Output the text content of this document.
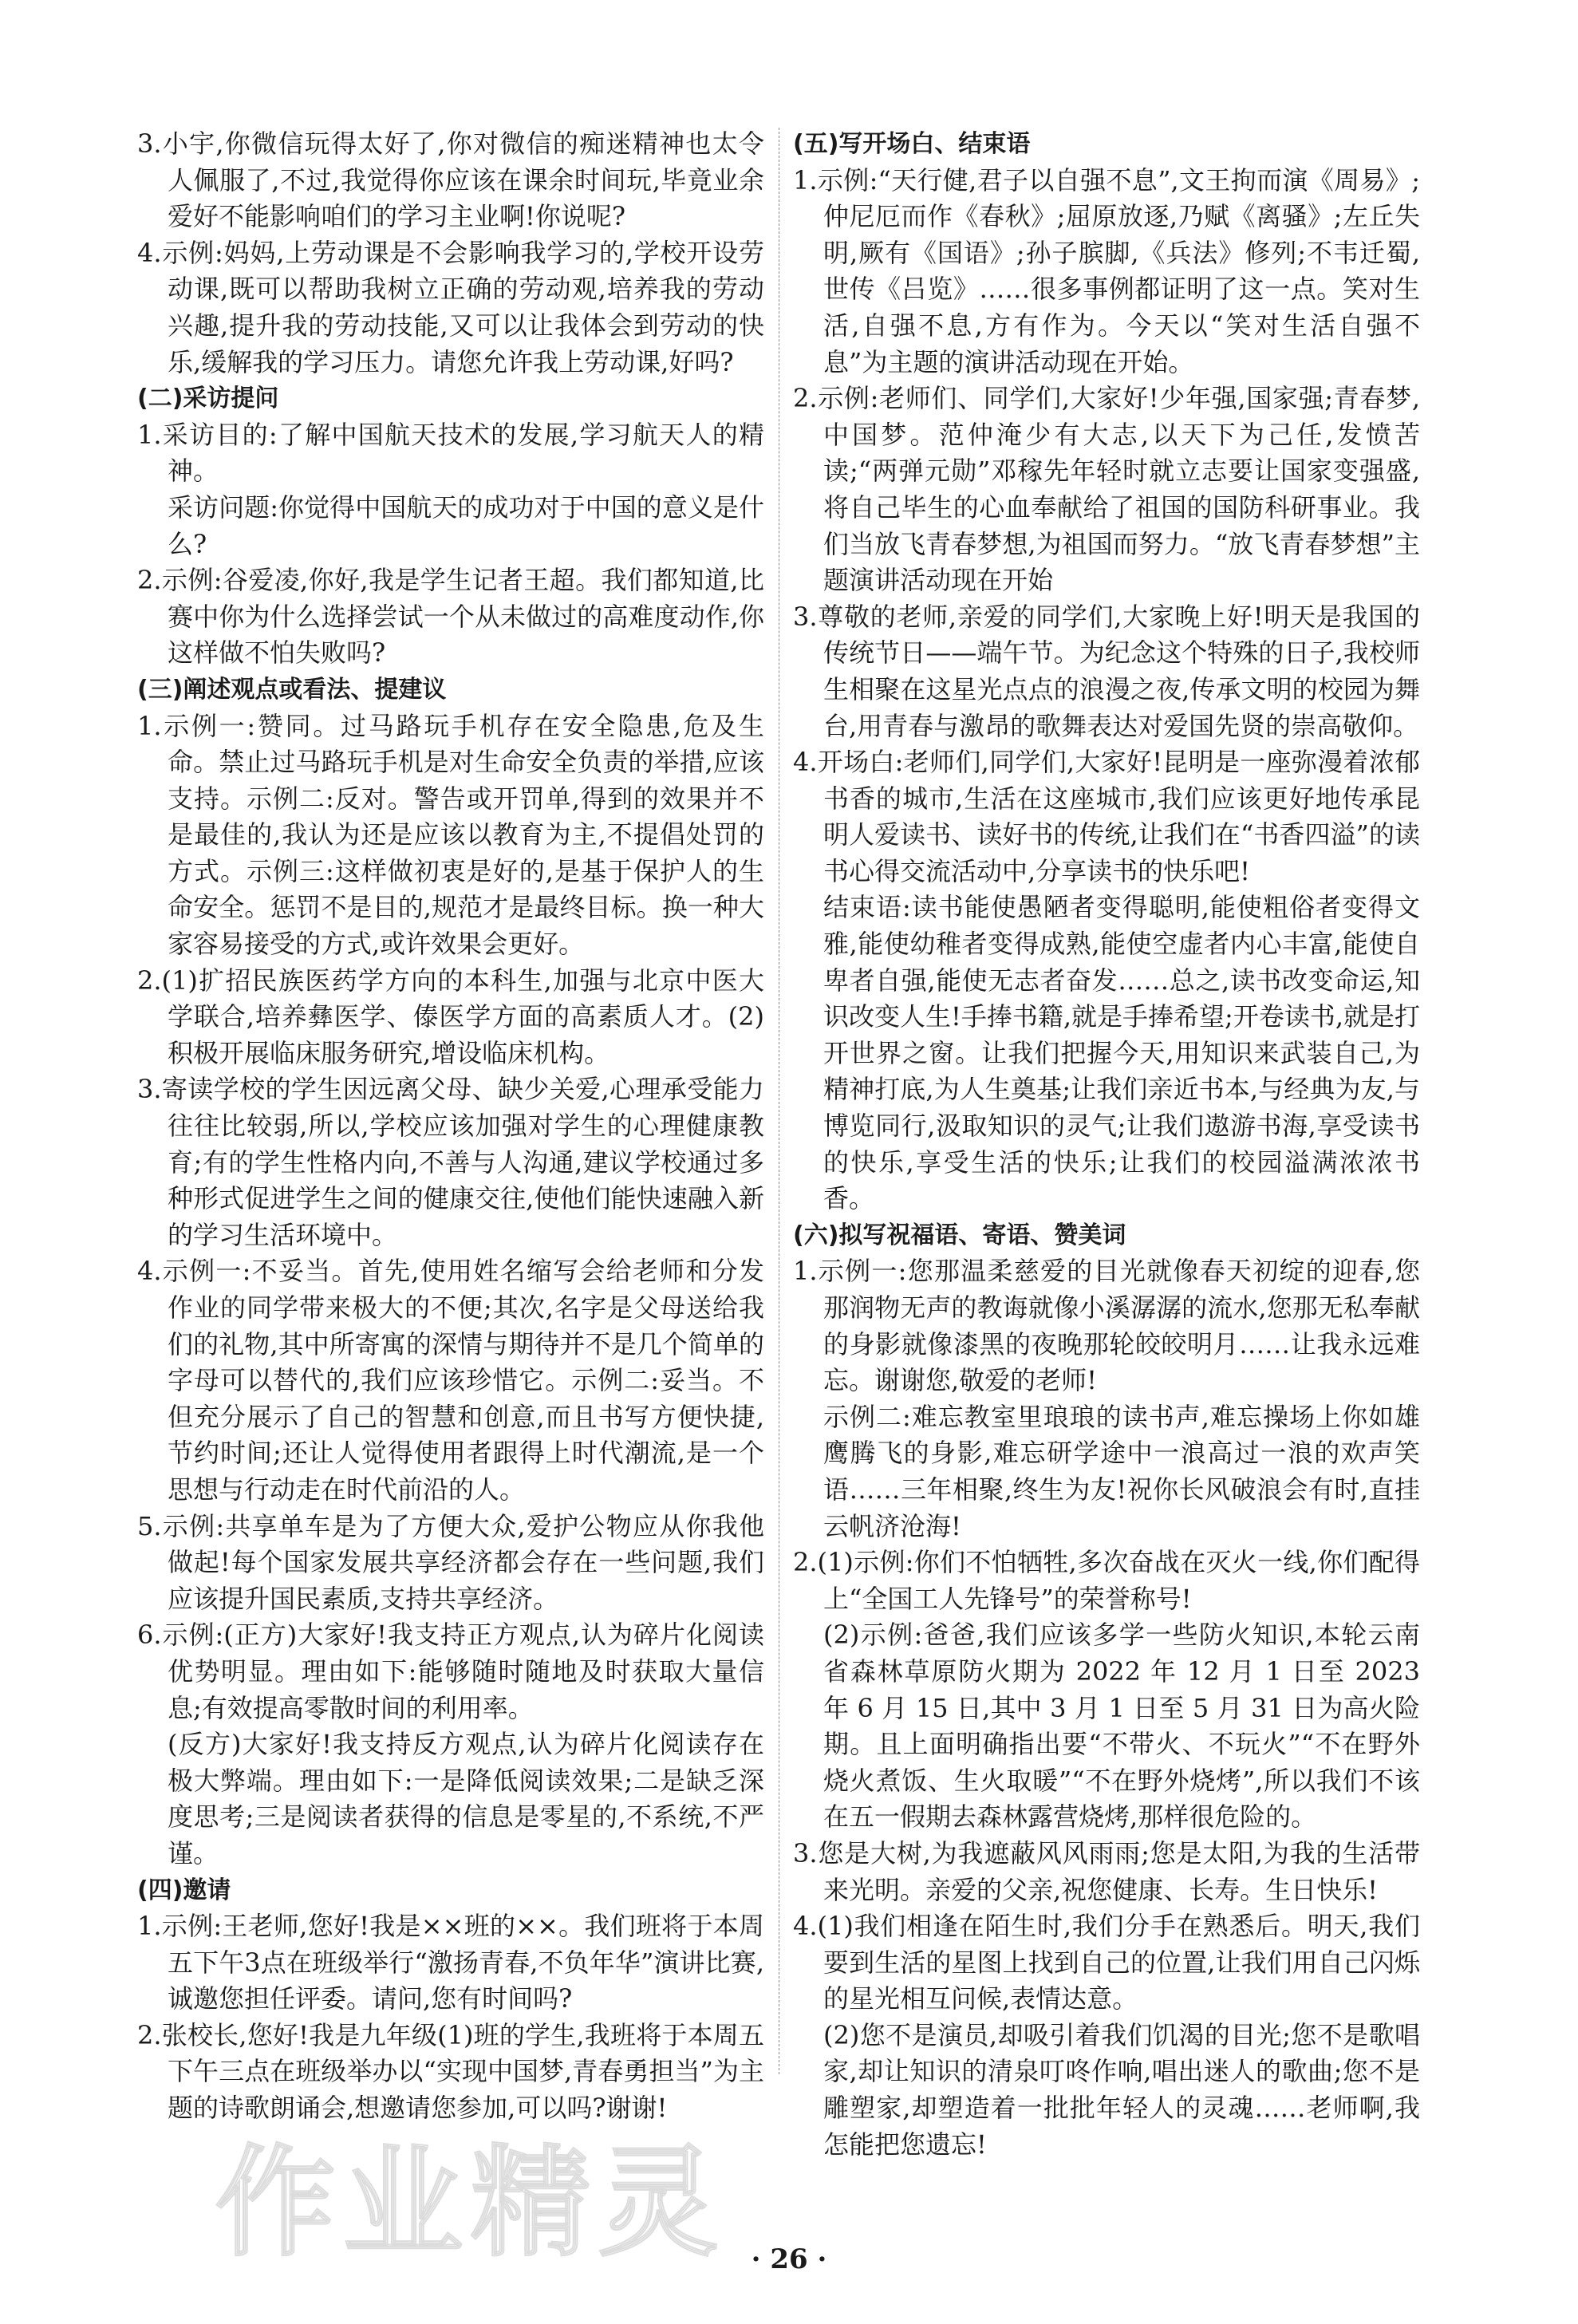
3.小宇,你微信玩得太好了,你对微信的痴迷精神也太令人佩服了,不过,我觉得你应该在课余时间玩,毕竟业余爱好不能影响咱们的学习主业啊!你说呢?
4.示例:妈妈,上劳动课是不会影响我学习的,学校开设劳动课,既可以帮助我树立正确的劳动观,培养我的劳动兴趣,提升我的劳动技能,又可以让我体会到劳动的快乐,缓解我的学习压力。请您允许我上劳动课,好吗?
(二)采访提问
1.采访目的:了解中国航天技术的发展,学习航天人的精神。
采访问题:你觉得中国航天的成功对于中国的意义是什么?
2.示例:谷爱凌,你好,我是学生记者王超。我们都知道,比赛中你为什么选择尝试一个从未做过的高难度动作,你这样做不怕失败吗?
(三)阐述观点或看法、提建议
1.示例一:赞同。过马路玩手机存在安全隐患,危及生命。禁止过马路玩手机是对生命安全负责的举措,应该支持。示例二:反对。警告或开罚单,得到的效果并不是最佳的,我认为还是应该以教育为主,不提倡处罚的方式。示例三:这样做初衷是好的,是基于保护人的生命安全。惩罚不是目的,规范才是最终目标。换一种大家容易接受的方式,或许效果会更好。
2.(1)扩招民族医药学方向的本科生,加强与北京中医大学联合,培养彝医学、傣医学方面的高素质人才。(2)积极开展临床服务研究,增设临床机构。
3.寄读学校的学生因远离父母、缺少关爱,心理承受能力往往比较弱,所以,学校应该加强对学生的心理健康教育;有的学生性格内向,不善与人沟通,建议学校通过多种形式促进学生之间的健康交往,使他们能快速融入新的学习生活环境中。
4.示例一:不妥当。首先,使用姓名缩写会给老师和分发作业的同学带来极大的不便;其次,名字是父母送给我们的礼物,其中所寄寓的深情与期待并不是几个简单的字母可以替代的,我们应该珍惜它。示例二:妥当。不但充分展示了自己的智慧和创意,而且书写方便快捷,节约时间;还让人觉得使用者跟得上时代潮流,是一个思想与行动走在时代前沿的人。
5.示例:共享单车是为了方便大众,爱护公物应从你我他做起!每个国家发展共享经济都会存在一些问题,我们应该提升国民素质,支持共享经济。
6.示例:(正方)大家好!我支持正方观点,认为碎片化阅读优势明显。理由如下:能够随时随地及时获取大量信息;有效提高零散时间的利用率。
(反方)大家好!我支持反方观点,认为碎片化阅读存在极大弊端。理由如下:一是降低阅读效果;二是缺乏深度思考;三是阅读者获得的信息是零星的,不系统,不严谨。
(四)邀请
1.示例:王老师,您好!我是××班的××。我们班将于本周五下午3点在班级举行“激扬青春,不负年华”演讲比赛,诚邀您担任评委。请问,您有时间吗?
2.张校长,您好!我是九年级(1)班的学生,我班将于本周五下午三点在班级举办以“实现中国梦,青春勇担当”为主题的诗歌朗诵会,想邀请您参加,可以吗?谢谢!
(五)写开场白、结束语
1.示例:“天行健,君子以自强不息”,文王拘而演《周易》;仲尼厄而作《春秋》;屈原放逐,乃赋《离骚》;左丘失明,厥有《国语》;孙子膑脚,《兵法》修列;不韦迁蜀,世传《吕览》……很多事例都证明了这一点。笑对生活,自强不息,方有作为。今天以“笑对生活自强不息”为主题的演讲活动现在开始。
2.示例:老师们、同学们,大家好!少年强,国家强;青春梦,中国梦。范仲淹少有大志,以天下为己任,发愤苦读;“两弹元勋”邓稼先年轻时就立志要让国家变强盛,将自己毕生的心血奉献给了祖国的国防科研事业。我们当放飞青春梦想,为祖国而努力。“放飞青春梦想”主题演讲活动现在开始
3.尊敬的老师,亲爱的同学们,大家晚上好!明天是我国的传统节日——端午节。为纪念这个特殊的日子,我校师生相聚在这星光点点的浪漫之夜,传承文明的校园为舞台,用青春与激昂的歌舞表达对爱国先贤的崇高敬仰。
4.开场白:老师们,同学们,大家好!昆明是一座弥漫着浓郁书香的城市,生活在这座城市,我们应该更好地传承昆明人爱读书、读好书的传统,让我们在“书香四溢”的读书心得交流活动中,分享读书的快乐吧!
结束语:读书能使愚陋者变得聪明,能使粗俗者变得文雅,能使幼稚者变得成熟,能使空虚者内心丰富,能使自卑者自强,能使无志者奋发……总之,读书改变命运,知识改变人生!手捧书籍,就是手捧希望;开卷读书,就是打开世界之窗。让我们把握今天,用知识来武装自己,为精神打底,为人生奠基;让我们亲近书本,与经典为友,与博览同行,汲取知识的灵气;让我们遨游书海,享受读书的快乐,享受生活的快乐;让我们的校园溢满浓浓书香。
(六)拟写祝福语、寄语、赞美词
1.示例一:您那温柔慈爱的目光就像春天初绽的迎春,您那润物无声的教诲就像小溪潺潺的流水,您那无私奉献的身影就像漆黑的夜晚那轮皎皎明月……让我永远难忘。谢谢您,敬爱的老师!
示例二:难忘教室里琅琅的读书声,难忘操场上你如雄鹰腾飞的身影,难忘研学途中一浪高过一浪的欢声笑语……三年相聚,终生为友!祝你长风破浪会有时,直挂云帆济沧海!
2.(1)示例:你们不怕牺牲,多次奋战在灭火一线,你们配得上“全国工人先锋号”的荣誉称号!
(2)示例:爸爸,我们应该多学一些防火知识,本轮云南省森林草原防火期为 2022 年 12 月 1 日至 2023 年 6 月 15 日,其中 3 月 1 日至 5 月 31 日为高火险期。且上面明确指出要“不带火、不玩火”“不在野外烧火煮饭、生火取暖”“不在野外烧烤”,所以我们不该在五一假期去森林露营烧烤,那样很危险的。
3.您是大树,为我遮蔽风风雨雨;您是太阳,为我的生活带来光明。亲爱的父亲,祝您健康、长寿。生日快乐!
4.(1)我们相逢在陌生时,我们分手在熟悉后。明天,我们要到生活的星图上找到自己的位置,让我们用自己闪烁的星光相互问候,表情达意。
(2)您不是演员,却吸引着我们饥渴的目光;您不是歌唱家,却让知识的清泉叮咚作响,唱出迷人的歌曲;您不是雕塑家,却塑造着一批批年轻人的灵魂……老师啊,我怎能把您遗忘!
作业精灵 · 26 ·
